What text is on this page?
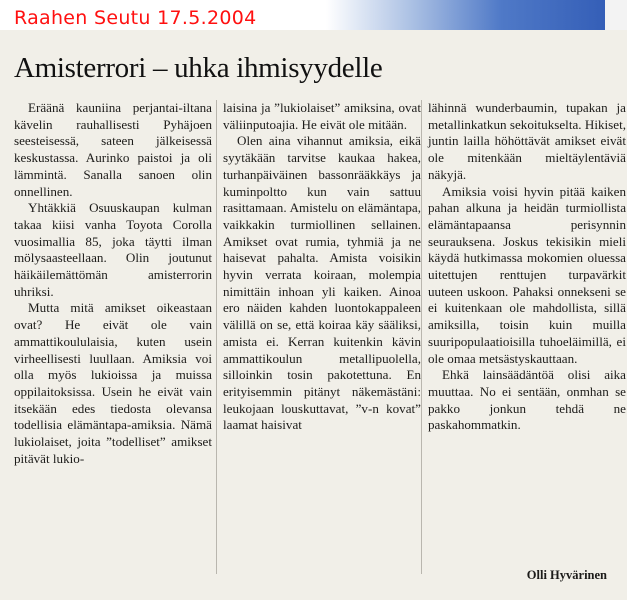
Raahen Seutu 17.5.2004
Amisterrori – uhka ihmisyydelle

Eräänä kauniina perjantai-iltana kävelin rauhallisesti Pyhäjoen seesteisessä, sateen jälkeisessä keskustassa. Aurinko paistoi ja oli lämmintä. Sanalla sanoen olin onnellinen.

Yhtäkkiä Osuuskaupan kulman takaa kiisi vanha Toyota Corolla vuosimallia 85, joka täytti ilman mölysaasteellaan. Olin joutunut häikäilemättömän amisterrorin uhriksi.

Mutta mitä amikset oikeastaan ovat? He eivät ole vain ammattikoululaisia, kuten usein virheellisesti luullaan. Amiksia voi olla myös lukioissa ja muissa oppilaitoksissa. Usein he eivät vain itsekään edes tiedosta olevansa todellisia elämäntapa-amiksia. Nämä lukiolaiset, joita ”todelliset” amikset pitävät lukio-

laisina ja ”lukiolaiset” amiksina, ovat väliinputoajia. He eivät ole mitään.

Olen aina vihannut amiksia, eikä syytäkään tarvitse kaukaa hakea, turhanpäiväinen bassonrääkkäys ja kuminpoltto kun vain sattuu rasittamaan. Amistelu on elämäntapa, vaikkakin turmiollinen sellainen. Amikset ovat rumia, tyhmiä ja ne haisevat pahalta. Amista voisikin hyvin verrata koiraan, molempia nimittäin inhoan yli kaiken. Ainoa ero näiden kahden luontokappaleen välillä on se, että koiraa käy sääliksi, amista ei. Kerran kuitenkin kävin ammattikoulun metallipuolella, silloinkin tosin pakotettuna. En erityisemmin pitänyt näkemästäni: leukojaan louskuttavat, ”v-n kovat” laamat haisivat

lähinnä wunderbaumin, tupakan ja metallinkatkun sekoitukselta. Hikiset, juntin lailla höhöttävät amikset eivät ole mitenkään mieltäylentäviä näkyjä.

Amiksia voisi hyvin pitää kaiken pahan alkuna ja heidän turmiollista elämäntapaansa perisynnin seurauksena. Joskus tekisikin mieli käydä hutkimassa mokomien oluessa uitettujen renttujen turpavärkit uuteen uskoon. Pahaksi onnekseni se ei kuitenkaan ole mahdollista, sillä amiksilla, toisin kuin muilla suuripopulaatioisilla tuhoeläimillä, ei ole omaa metsästyskauttaan.

Ehkä lainsäädäntöä olisi aika muuttaa. No ei sentään, onmhan se pakko jonkun tehdä ne paskahommatkin.

Olli Hyvärinen
